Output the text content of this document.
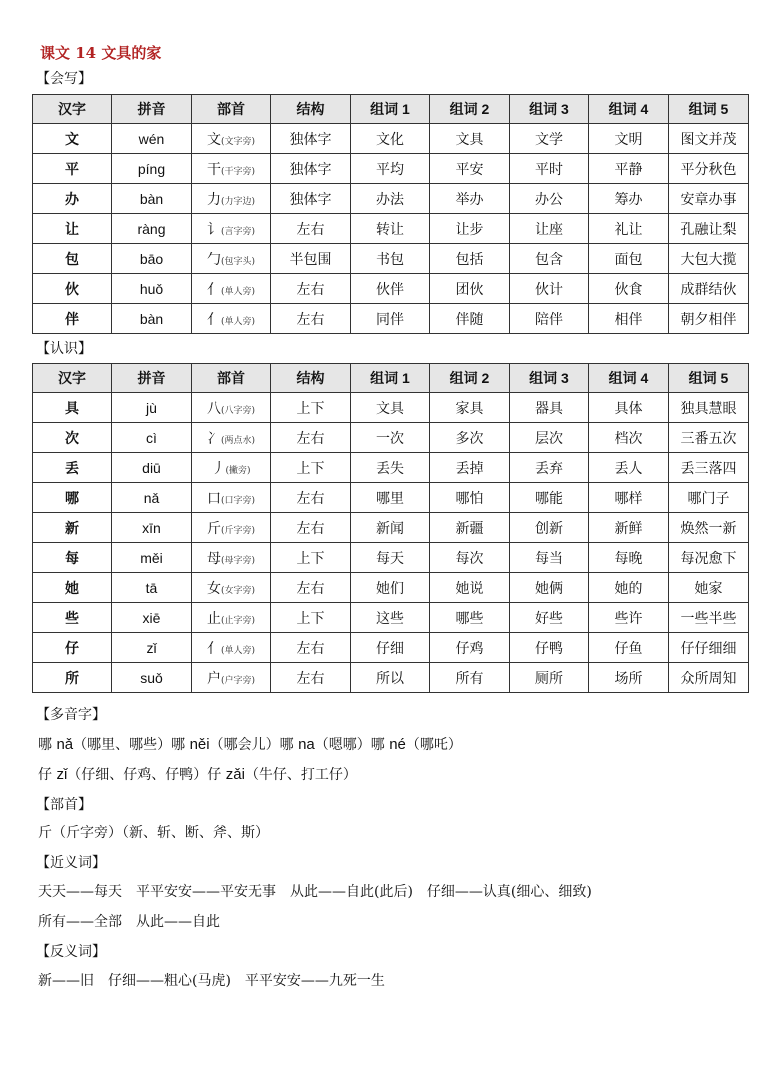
课文 14 文具的家
【会写】
汉字	拼音	部首	结构	组词 1	组词 2	组词 3	组词 4	组词 5
文	wén	文(文字旁)	独体字	文化	文具	文学	文明	图文并茂
平	píng	干(干字旁)	独体字	平均	平安	平时	平静	平分秋色
办	bàn	力(力字边)	独体字	办法	举办	办公	筹办	安章办事
让	ràng	讠(言字旁)	左右	转让	让步	让座	礼让	孔融让梨
包	bāo	勹(包字头)	半包围	书包	包括	包含	面包	大包大揽
伙	huǒ	亻(单人旁)	左右	伙伴	团伙	伙计	伙食	成群结伙
伴	bàn	亻(单人旁)	左右	同伴	伴随	陪伴	相伴	朝夕相伴
【认识】
汉字	拼音	部首	结构	组词 1	组词 2	组词 3	组词 4	组词 5
具	jù	八(八字旁)	上下	文具	家具	器具	具体	独具慧眼
次	cì	冫(两点水)	左右	一次	多次	层次	档次	三番五次
丢	diū	丿(撇旁)	上下	丢失	丢掉	丢弃	丢人	丢三落四
哪	nǎ	口(口字旁)	左右	哪里	哪怕	哪能	哪样	哪门子
新	xīn	斤(斤字旁)	左右	新闻	新疆	创新	新鲜	焕然一新
每	měi	母(母字旁)	上下	每天	每次	每当	每晚	每况愈下
她	tā	女(女字旁)	左右	她们	她说	她俩	她的	她家
些	xiē	止(止字旁)	上下	这些	哪些	好些	些许	一些半些
仔	zǐ	亻(单人旁)	左右	仔细	仔鸡	仔鸭	仔鱼	仔仔细细
所	suǒ	户(户字旁)	左右	所以	所有	厕所	场所	众所周知
【多音字】
哪 nǎ（哪里、哪些）哪 něi（哪会儿）哪 na（嗯哪）哪 né（哪吒）
仔 zǐ（仔细、仔鸡、仔鸭）仔 zǎi（牛仔、打工仔）
【部首】
斤（斤字旁）（新、斩、断、斧、斯）
【近义词】
天天——每天　平平安安——平安无事　从此——自此(此后)　仔细——认真(细心、细致)
所有——全部　从此——自此
【反义词】
新——旧　仔细——粗心(马虎)　平平安安——九死一生
